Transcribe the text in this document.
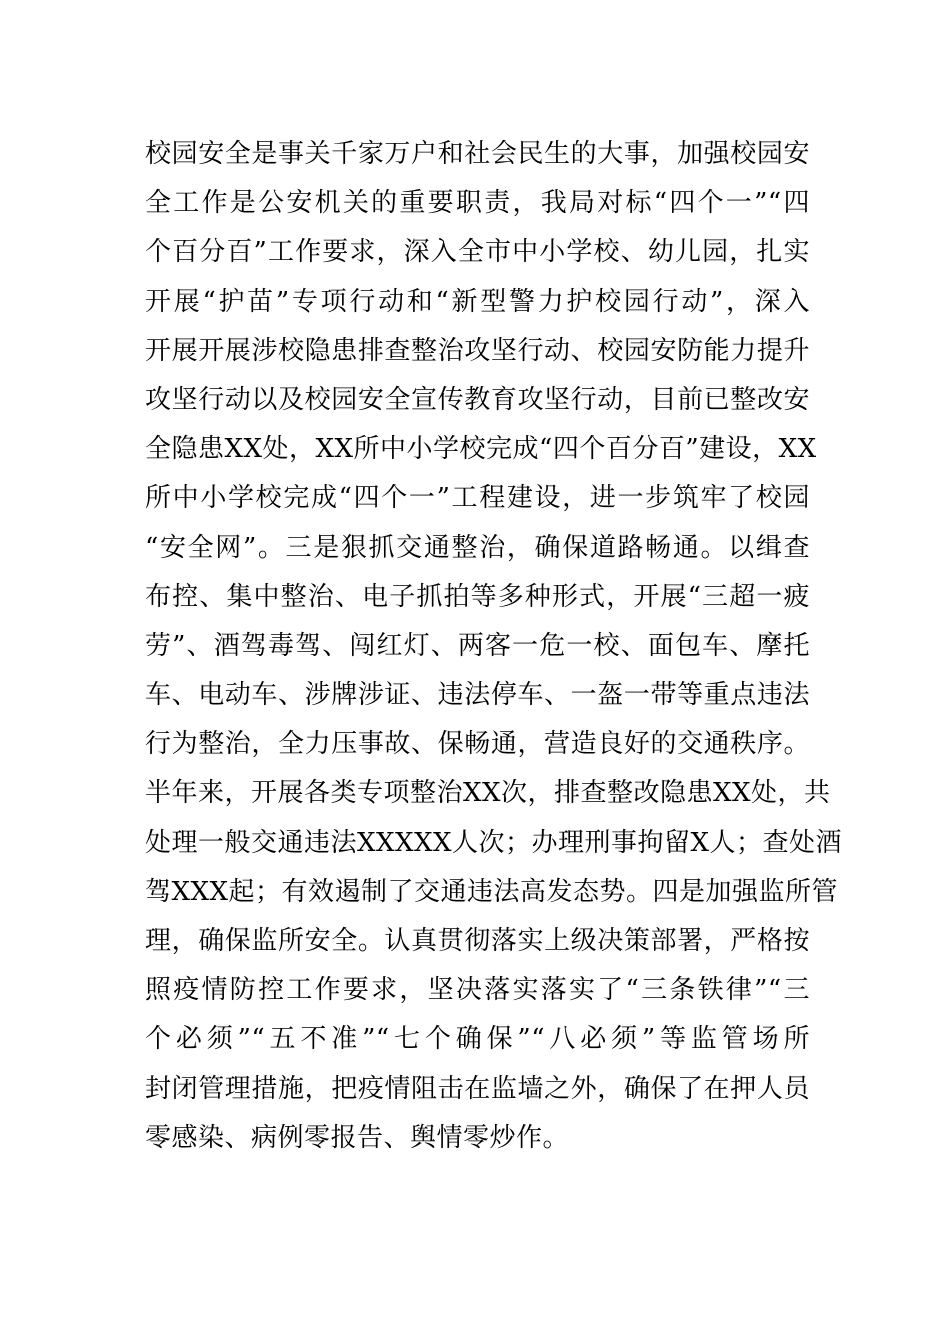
校园安全是事关千家万户和社会民生的大事，加强校园安
全工作是公安机关的重要职责，我局对标“四个一”“四
个百分百”工作要求，深入全市中小学校、幼儿园，扎实
开展“护苗”专项行动和“新型警力护校园行动”，深入
开展开展涉校隐患排查整治攻坚行动、校园安防能力提升
攻坚行动以及校园安全宣传教育攻坚行动，目前已整改安
全隐患XX处，XX所中小学校完成“四个百分百”建设，XX
所中小学校完成“四个一”工程建设，进一步筑牢了校园
“安全网”。三是狠抓交通整治，确保道路畅通。以缉查
布控、集中整治、电子抓拍等多种形式，开展“三超一疲
劳”、酒驾毒驾、闯红灯、两客一危一校、面包车、摩托
车、电动车、涉牌涉证、违法停车、一盔一带等重点违法
行为整治，全力压事故、保畅通，营造良好的交通秩序。
半年来，开展各类专项整治XX次，排查整改隐患XX处，共
处理一般交通违法XXXXX人次；办理刑事拘留X人；查处酒
驾XXX起；有效遏制了交通违法高发态势。四是加强监所管
理，确保监所安全。认真贯彻落实上级决策部署，严格按
照疫情防控工作要求，坚决落实落实了“三条铁律”“三
个必须”“五不准”“七个确保”“八必须”等监管场所
封闭管理措施，把疫情阻击在监墙之外，确保了在押人员
零感染、病例零报告、舆情零炒作。
